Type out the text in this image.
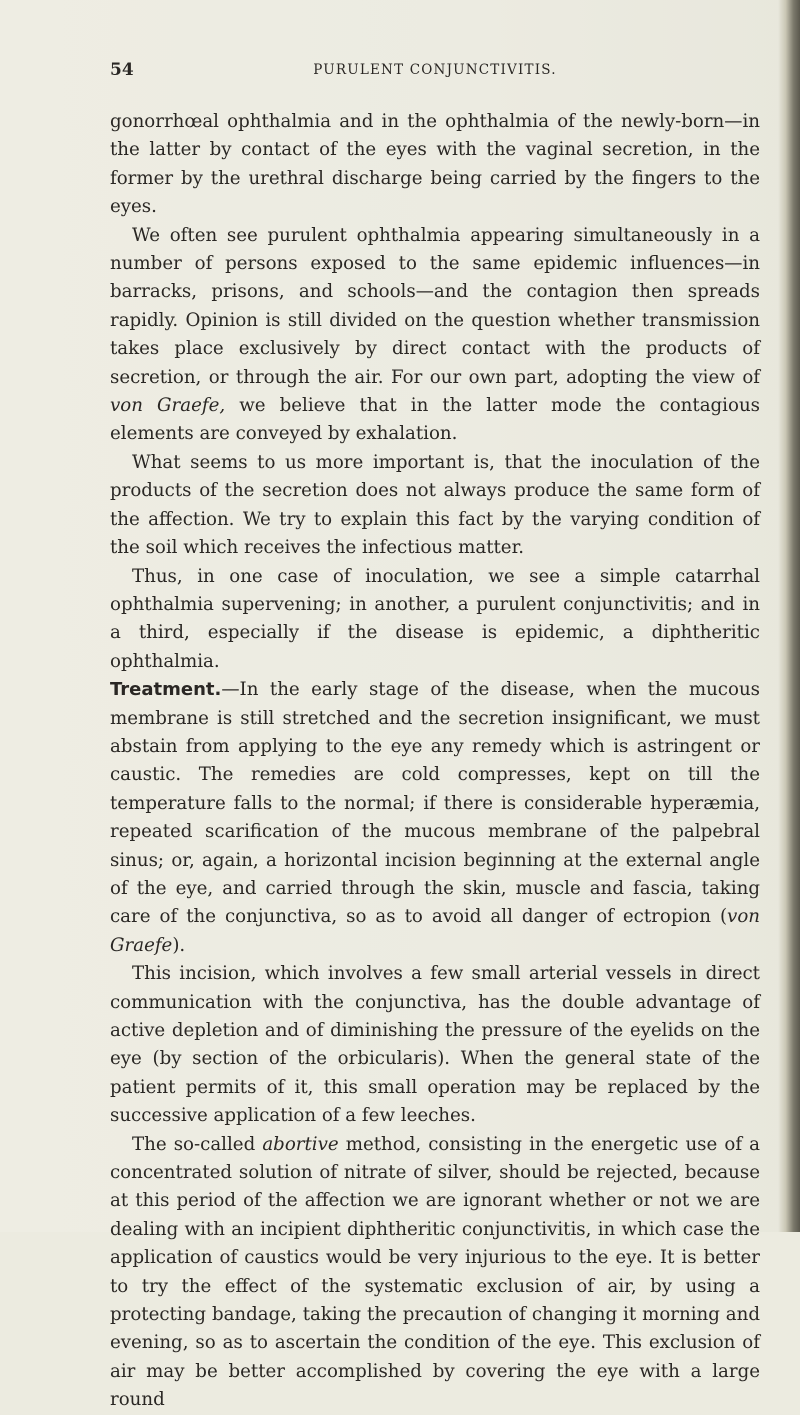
54	PURULENT CONJUNCTIVITIS.

gonorrhœal ophthalmia and in the ophthalmia of the newly-born—in the latter by contact of the eyes with the vaginal secretion, in the former by the urethral discharge being carried by the fingers to the eyes.

We often see purulent ophthalmia appearing simultaneously in a number of persons exposed to the same epidemic influences—in barracks, prisons, and schools—and the contagion then spreads rapidly. Opinion is still divided on the question whether transmission takes place exclusively by direct contact with the products of secretion, or through the air. For our own part, adopting the view of von Graefe, we believe that in the latter mode the contagious elements are conveyed by exhalation.

What seems to us more important is, that the inoculation of the products of the secretion does not always produce the same form of the affection. We try to explain this fact by the varying condition of the soil which receives the infectious matter.

Thus, in one case of inoculation, we see a simple catarrhal ophthalmia supervening; in another, a purulent conjunctivitis; and in a third, especially if the disease is epidemic, a diphtheritic ophthalmia.

Treatment.—In the early stage of the disease, when the mucous membrane is still stretched and the secretion insignificant, we must abstain from applying to the eye any remedy which is astringent or caustic. The remedies are cold compresses, kept on till the temperature falls to the normal; if there is considerable hyperæmia, repeated scarification of the mucous membrane of the palpebral sinus; or, again, a horizontal incision beginning at the external angle of the eye, and carried through the skin, muscle and fascia, taking care of the conjunctiva, so as to avoid all danger of ectropion (von Graefe).

This incision, which involves a few small arterial vessels in direct communication with the conjunctiva, has the double advantage of active depletion and of diminishing the pressure of the eyelids on the eye (by section of the orbicularis). When the general state of the patient permits of it, this small operation may be replaced by the successive application of a few leeches.

The so-called abortive method, consisting in the energetic use of a concentrated solution of nitrate of silver, should be rejected, because at this period of the affection we are ignorant whether or not we are dealing with an incipient diphtheritic conjunctivitis, in which case the application of caustics would be very injurious to the eye. It is better to try the effect of the systematic exclusion of air, by using a protecting bandage, taking the precaution of changing it morning and evening, so as to ascertain the condition of the eye. This exclusion of air may be better accomplished by covering the eye with a large round
